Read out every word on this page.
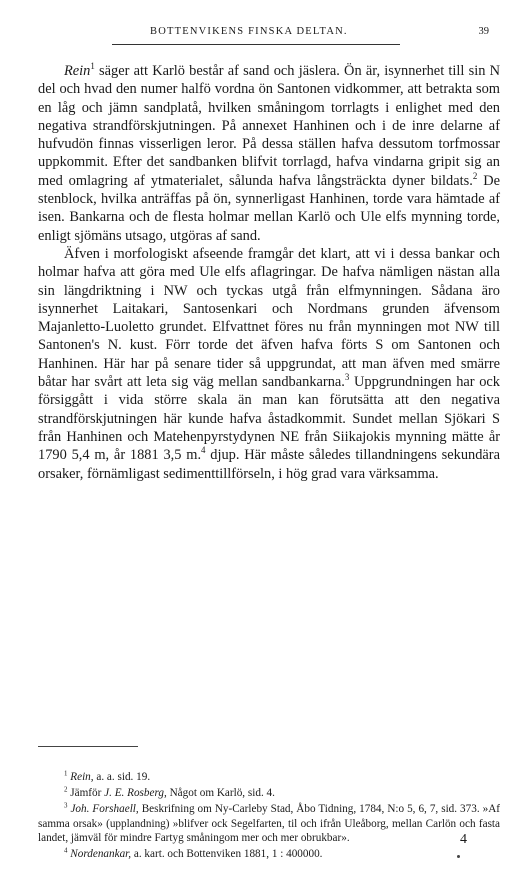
BOTTENVIKENS FINSKA DELTAN.	39

Rein$^1$ säger att Karlö består af sand och jäslera. Ön är, isynnerhet till sin N del och hvad den numer halfö vordna ön Santonen vidkommer, att betrakta som en låg och jämn sandplatå, hvilken småningom torrlagts i enlighet med den negativa strandförskjutningen. På annexet Hanhinen och i de inre delarne af hufvudön finnas visserligen leror. På dessa ställen hafva dessutom torfmossar uppkommit. Efter det sandbanken blifvit torrlagd, hafva vindarna gripit sig an med omlagring af ytmaterialet, sålunda hafva långsträckta dyner bildats.$^2$ De stenblock, hvilka anträffas på ön, synnerligast Hanhinen, torde vara hämtade af isen. Bankarna och de flesta holmar mellan Karlö och Ule elfs mynning torde, enligt sjömäns utsago, utgöras af sand.

Äfven i morfologiskt afseende framgår det klart, att vi i dessa bankar och holmar hafva att göra med Ule elfs aflagringar. De hafva nämligen nästan alla sin längdriktning i NW och tyckas utgå från elfmynningen. Sådana äro isynnerhet Laitakari, Santosenkari och Nordmans grunden äfvensom Majanletto-Luoletto grundet. Elfvattnet föres nu från mynningen mot NW till Santonen's N. kust. Förr torde det äfven hafva förts S om Santonen och Hanhinen. Här har på senare tider så uppgrundat, att man äfven med smärre båtar har svårt att leta sig väg mellan sandbankarna.$^3$ Uppgrundningen har ock försiggått i vida större skala än man kan förutsätta att den negativa strandförskjutningen här kunde hafva åstadkommit. Sundet mellan Sjökari S från Hanhinen och Matehenpyrstydynen NE från Siikajokis mynning mätte år 1790 5,4 m, år 1881 3,5 m.$^4$ djup. Här måste således tillandningens sekundära orsaker, förnämligast sedimenttillförseln, i hög grad vara värksamma.

$^1$ Rein, a. a. sid. 19.

$^2$ Jämför J. E. Rosberg, Något om Karlö, sid. 4.

$^3$ Joh. Forshaell, Beskrifning om Ny-Carleby Stad, Åbo Tidning, 1784, N:o 5, 6, 7, sid. 373. »Af samma orsak» (upplandning) »blifver ock Segelfarten, til och ifrån Uleåborg, mellan Carlön och fasta landet, jämväl för mindre Fartyg småningom mer och mer obrukbar».

$^4$ Nordenankar, a. kart. och Bottenviken 1881, 1 : 400000.

4
